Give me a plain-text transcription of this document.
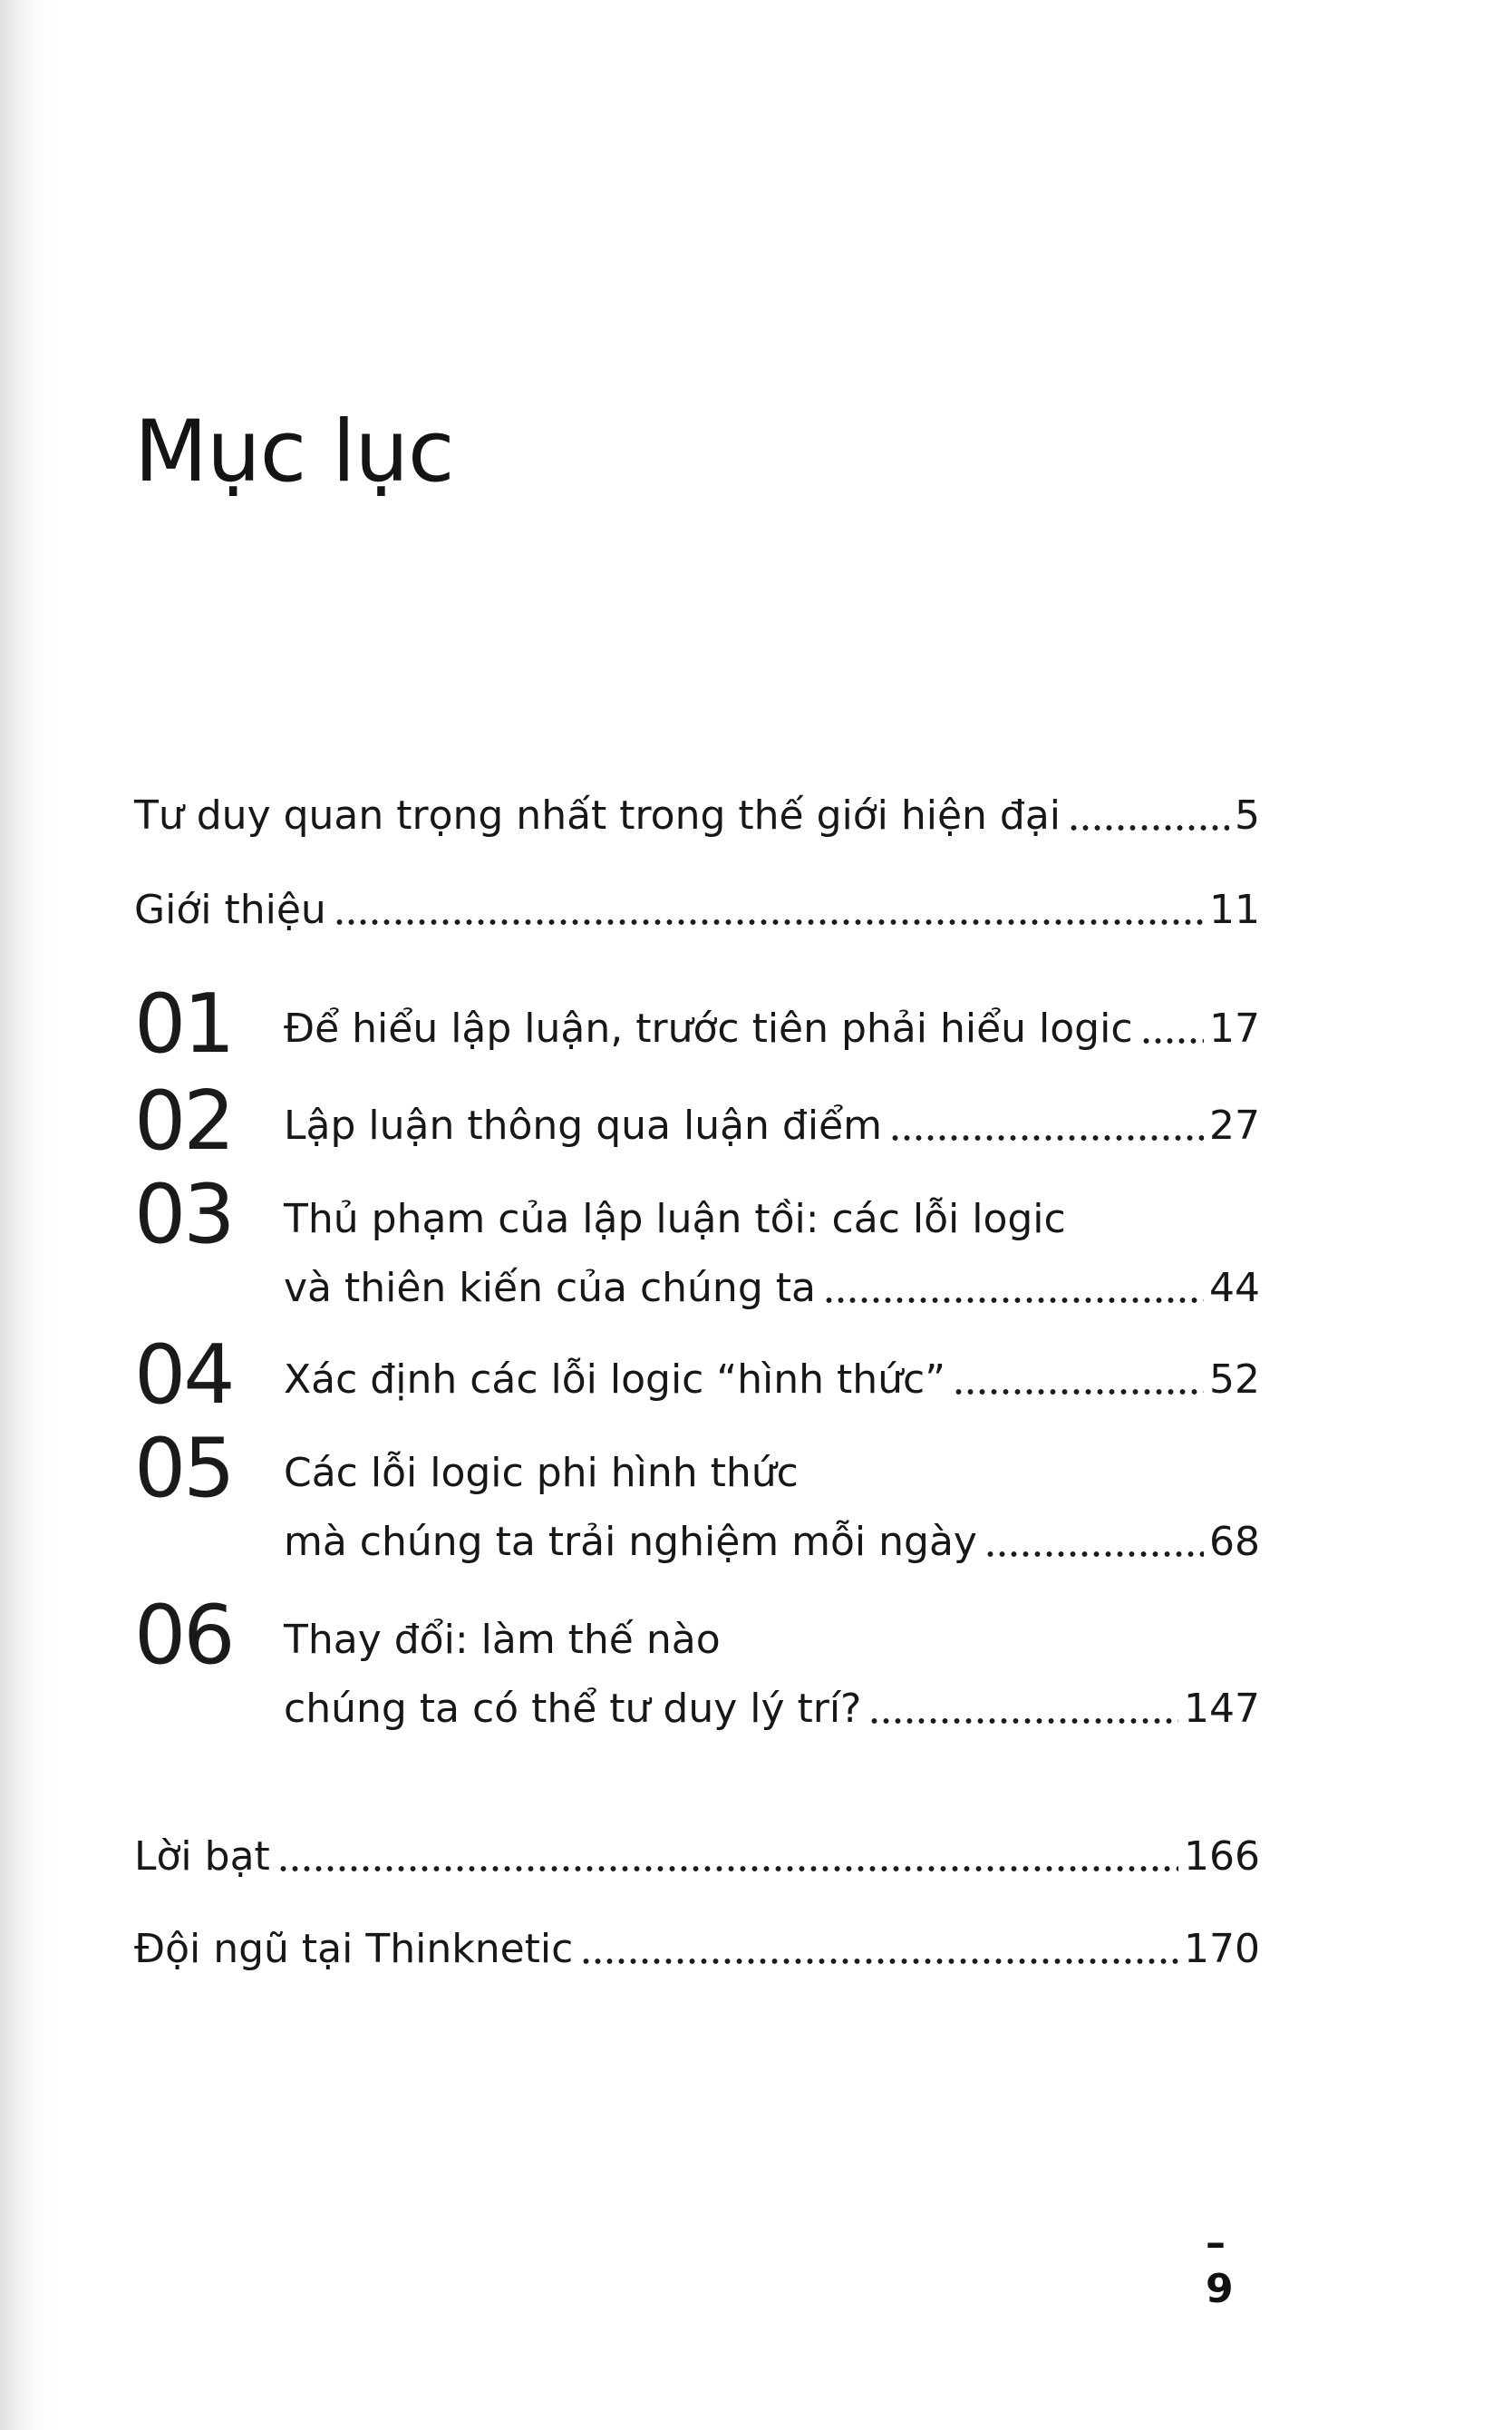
Mục lục
Tư duy quan trọng nhất trong thế giới hiện đại	5
Giới thiệu	11
01	Để hiểu lập luận, trước tiên phải hiểu logic 17
02	Lập luận thông qua luận điểm	27
03	Thủ phạm của lập luận tồi: các lỗi logic
và thiên kiến của chúng ta	44
04	Xác định các lỗi logic “hình thức”	52
05	Các lỗi logic phi hình thức
mà chúng ta trải nghiệm mỗi ngày	68
06	Thay đổi: làm thế nào
chúng ta có thể tư duy lý trí?	147
Lời bạt	166
Đội ngũ tại Thinknetic	170
– 9
